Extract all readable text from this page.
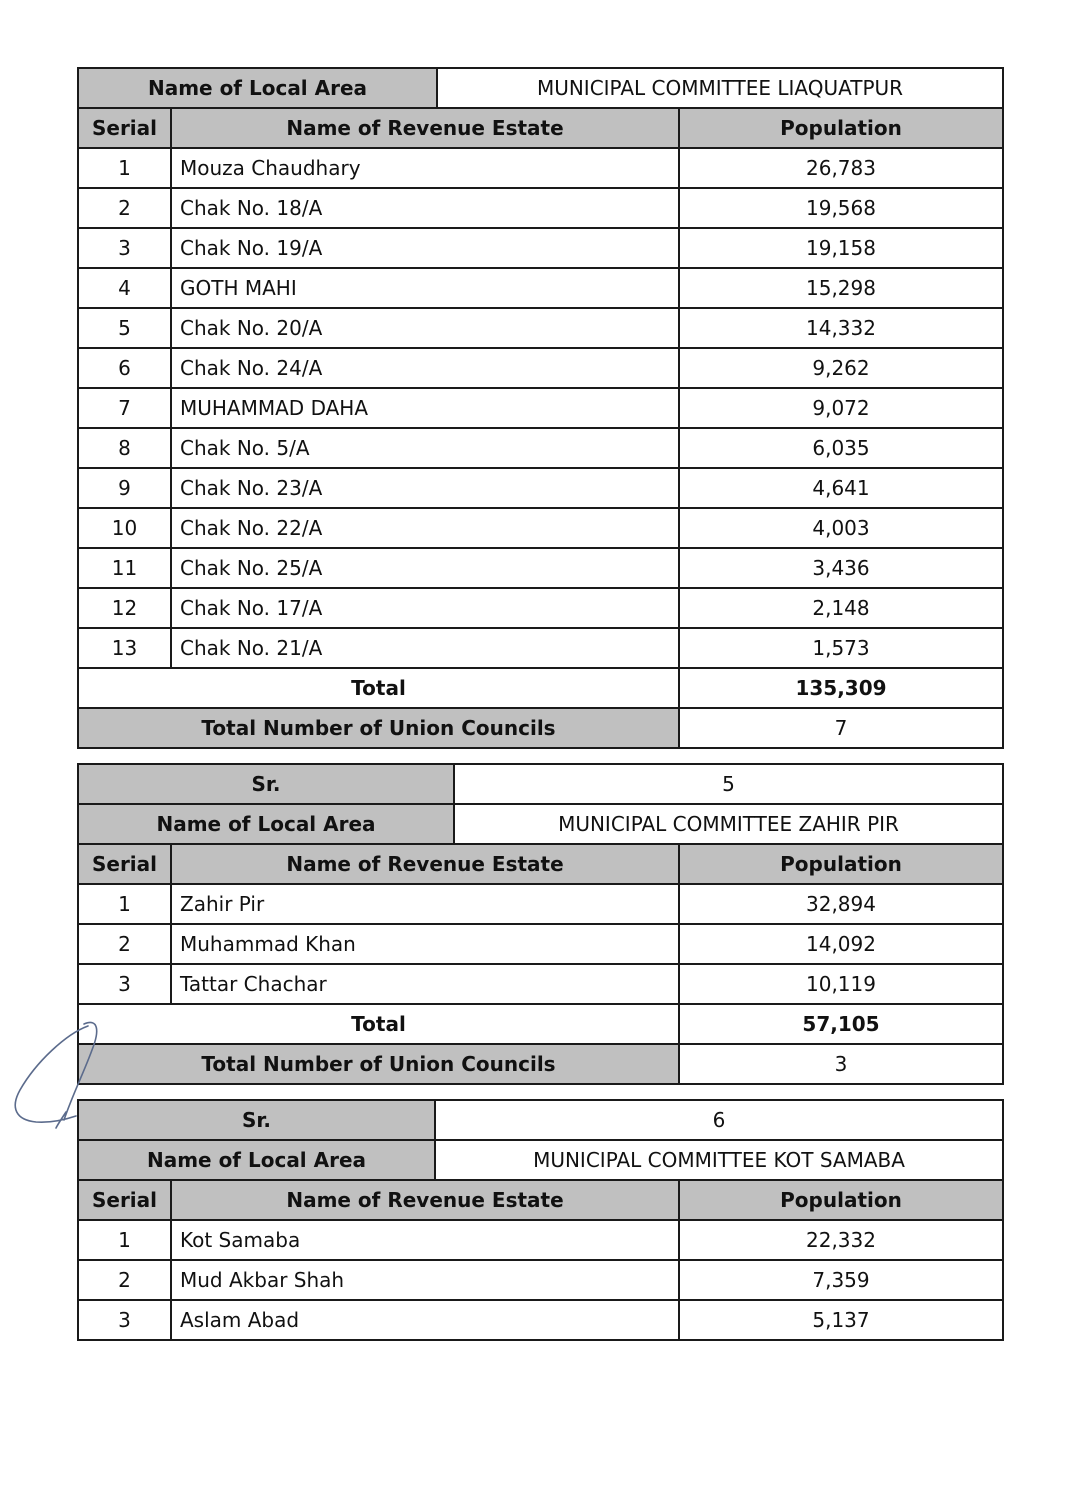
Name of Local Area	MUNICIPAL COMMITTEE LIAQUATPUR
Serial	Name of Revenue Estate	Population
1	Mouza Chaudhary	26,783
2	Chak No. 18/A	19,568
3	Chak No. 19/A	19,158
4	GOTH MAHI	15,298
5	Chak No. 20/A	14,332
6	Chak No. 24/A	9,262
7	MUHAMMAD DAHA	9,072
8	Chak No. 5/A	6,035
9	Chak No. 23/A	4,641
10	Chak No. 22/A	4,003
11	Chak No. 25/A	3,436
12	Chak No. 17/A	2,148
13	Chak No. 21/A	1,573
Total		135,309
Total Number of Union Councils		7
Sr.	5
Name of Local Area	MUNICIPAL COMMITTEE ZAHIR PIR
Serial	Name of Revenue Estate	Population
1	Zahir Pir	32,894
2	Muhammad Khan	14,092
3	Tattar Chachar	10,119
Total		57,105
Total Number of Union Councils		3
Sr.	6
Name of Local Area	MUNICIPAL COMMITTEE KOT SAMABA
Serial	Name of Revenue Estate	Population
1	Kot Samaba	22,332
2	Mud Akbar Shah	7,359
3	Aslam Abad	5,137
